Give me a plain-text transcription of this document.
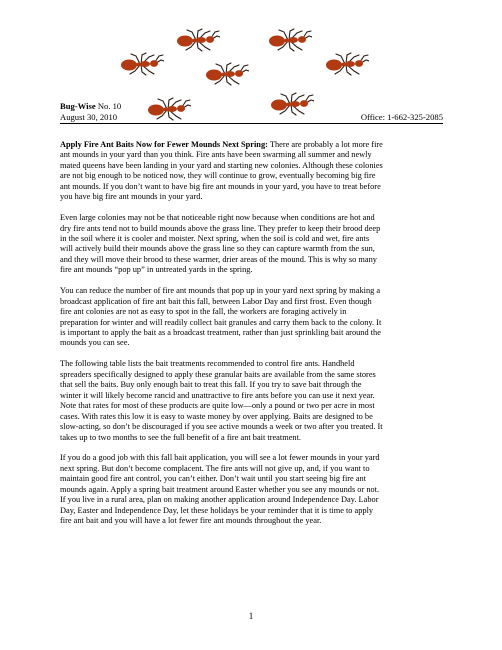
Bug-Wise No. 10
August 30, 2010	Office: 1-662-325-2085

Apply Fire Ant Baits Now for Fewer Mounds Next Spring: There are probably a lot more fire
ant mounds in your yard than you think. Fire ants have been swarming all summer and newly
mated queens have been landing in your yard and starting new colonies. Although these colonies
are not big enough to be noticed now, they will continue to grow, eventually becoming big fire
ant mounds. If you don’t want to have big fire ant mounds in your yard, you have to treat before
you have big fire ant mounds in your yard.

Even large colonies may not be that noticeable right now because when conditions are hot and
dry fire ants tend not to build mounds above the grass line. They prefer to keep their brood deep
in the soil where it is cooler and moister. Next spring, when the soil is cold and wet, fire ants
will actively build their mounds above the grass line so they can capture warmth from the sun,
and they will move their brood to these warmer, drier areas of the mound. This is why so many
fire ant mounds “pop up” in untreated yards in the spring.

You can reduce the number of fire ant mounds that pop up in your yard next spring by making a
broadcast application of fire ant bait this fall, between Labor Day and first frost. Even though
fire ant colonies are not as easy to spot in the fall, the workers are foraging actively in
preparation for winter and will readily collect bait granules and carry them back to the colony. It
is important to apply the bait as a broadcast treatment, rather than just sprinkling bait around the
mounds you can see.

The following table lists the bait treatments recommended to control fire ants. Handheld
spreaders specifically designed to apply these granular baits are available from the same stores
that sell the baits. Buy only enough bait to treat this fall. If you try to save bait through the
winter it will likely become rancid and unattractive to fire ants before you can use it next year.
Note that rates for most of these products are quite low—only a pound or two per acre in most
cases. With rates this low it is easy to waste money by over applying. Baits are designed to be
slow-acting, so don’t be discouraged if you see active mounds a week or two after you treated. It
takes up to two months to see the full benefit of a fire ant bait treatment.

If you do a good job with this fall bait application, you will see a lot fewer mounds in your yard
next spring. But don’t become complacent. The fire ants will not give up, and, if you want to
maintain good fire ant control, you can’t either. Don’t wait until you start seeing big fire ant
mounds again. Apply a spring bait treatment around Easter whether you see any mounds or not.
If you live in a rural area, plan on making another application around Independence Day. Labor
Day, Easter and Independence Day, let these holidays be your reminder that it is time to apply
fire ant bait and you will have a lot fewer fire ant mounds throughout the year.

1
